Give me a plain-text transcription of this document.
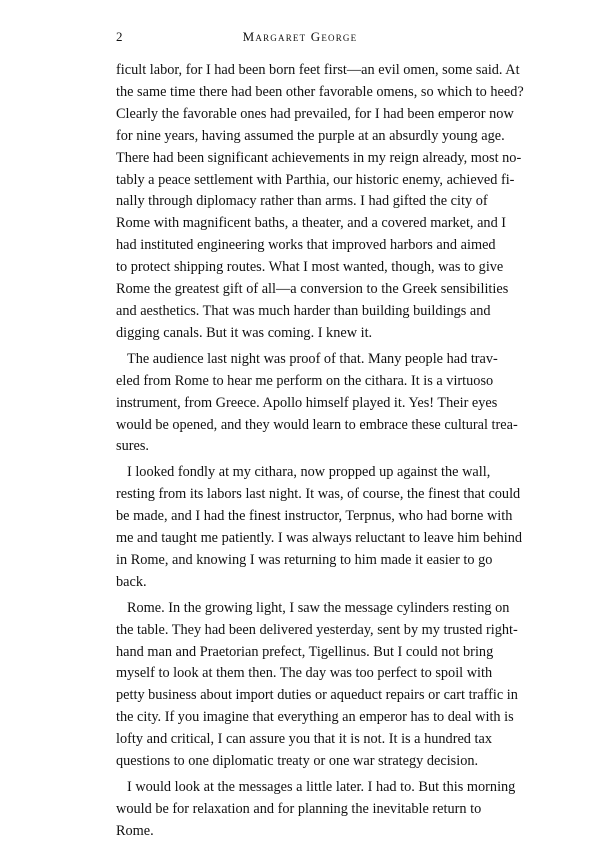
2	Margaret George

ficult labor, for I had been born feet first—an evil omen, some said. At
the same time there had been other favorable omens, so which to heed?
Clearly the favorable ones had prevailed, for I had been emperor now
for nine years, having assumed the purple at an absurdly young age.
There had been significant achievements in my reign already, most no-
tably a peace settlement with Parthia, our historic enemy, achieved fi-
nally through diplomacy rather than arms. I had gifted the city of
Rome with magnificent baths, a theater, and a covered market, and I
had instituted engineering works that improved harbors and aimed
to protect shipping routes. What I most wanted, though, was to give
Rome the greatest gift of all—a conversion to the Greek sensibilities
and aesthetics. That was much harder than building buildings and
digging canals. But it was coming. I knew it.

The audience last night was proof of that. Many people had trav-
eled from Rome to hear me perform on the cithara. It is a virtuoso
instrument, from Greece. Apollo himself played it. Yes! Their eyes
would be opened, and they would learn to embrace these cultural trea-
sures.

I looked fondly at my cithara, now propped up against the wall,
resting from its labors last night. It was, of course, the finest that could
be made, and I had the finest instructor, Terpnus, who had borne with
me and taught me patiently. I was always reluctant to leave him behind
in Rome, and knowing I was returning to him made it easier to go
back.

Rome. In the growing light, I saw the message cylinders resting on
the table. They had been delivered yesterday, sent by my trusted right-
hand man and Praetorian prefect, Tigellinus. But I could not bring
myself to look at them then. The day was too perfect to spoil with
petty business about import duties or aqueduct repairs or cart traffic in
the city. If you imagine that everything an emperor has to deal with is
lofty and critical, I can assure you that it is not. It is a hundred tax
questions to one diplomatic treaty or one war strategy decision.

I would look at the messages a little later. I had to. But this morning
would be for relaxation and for planning the inevitable return to
Rome.
